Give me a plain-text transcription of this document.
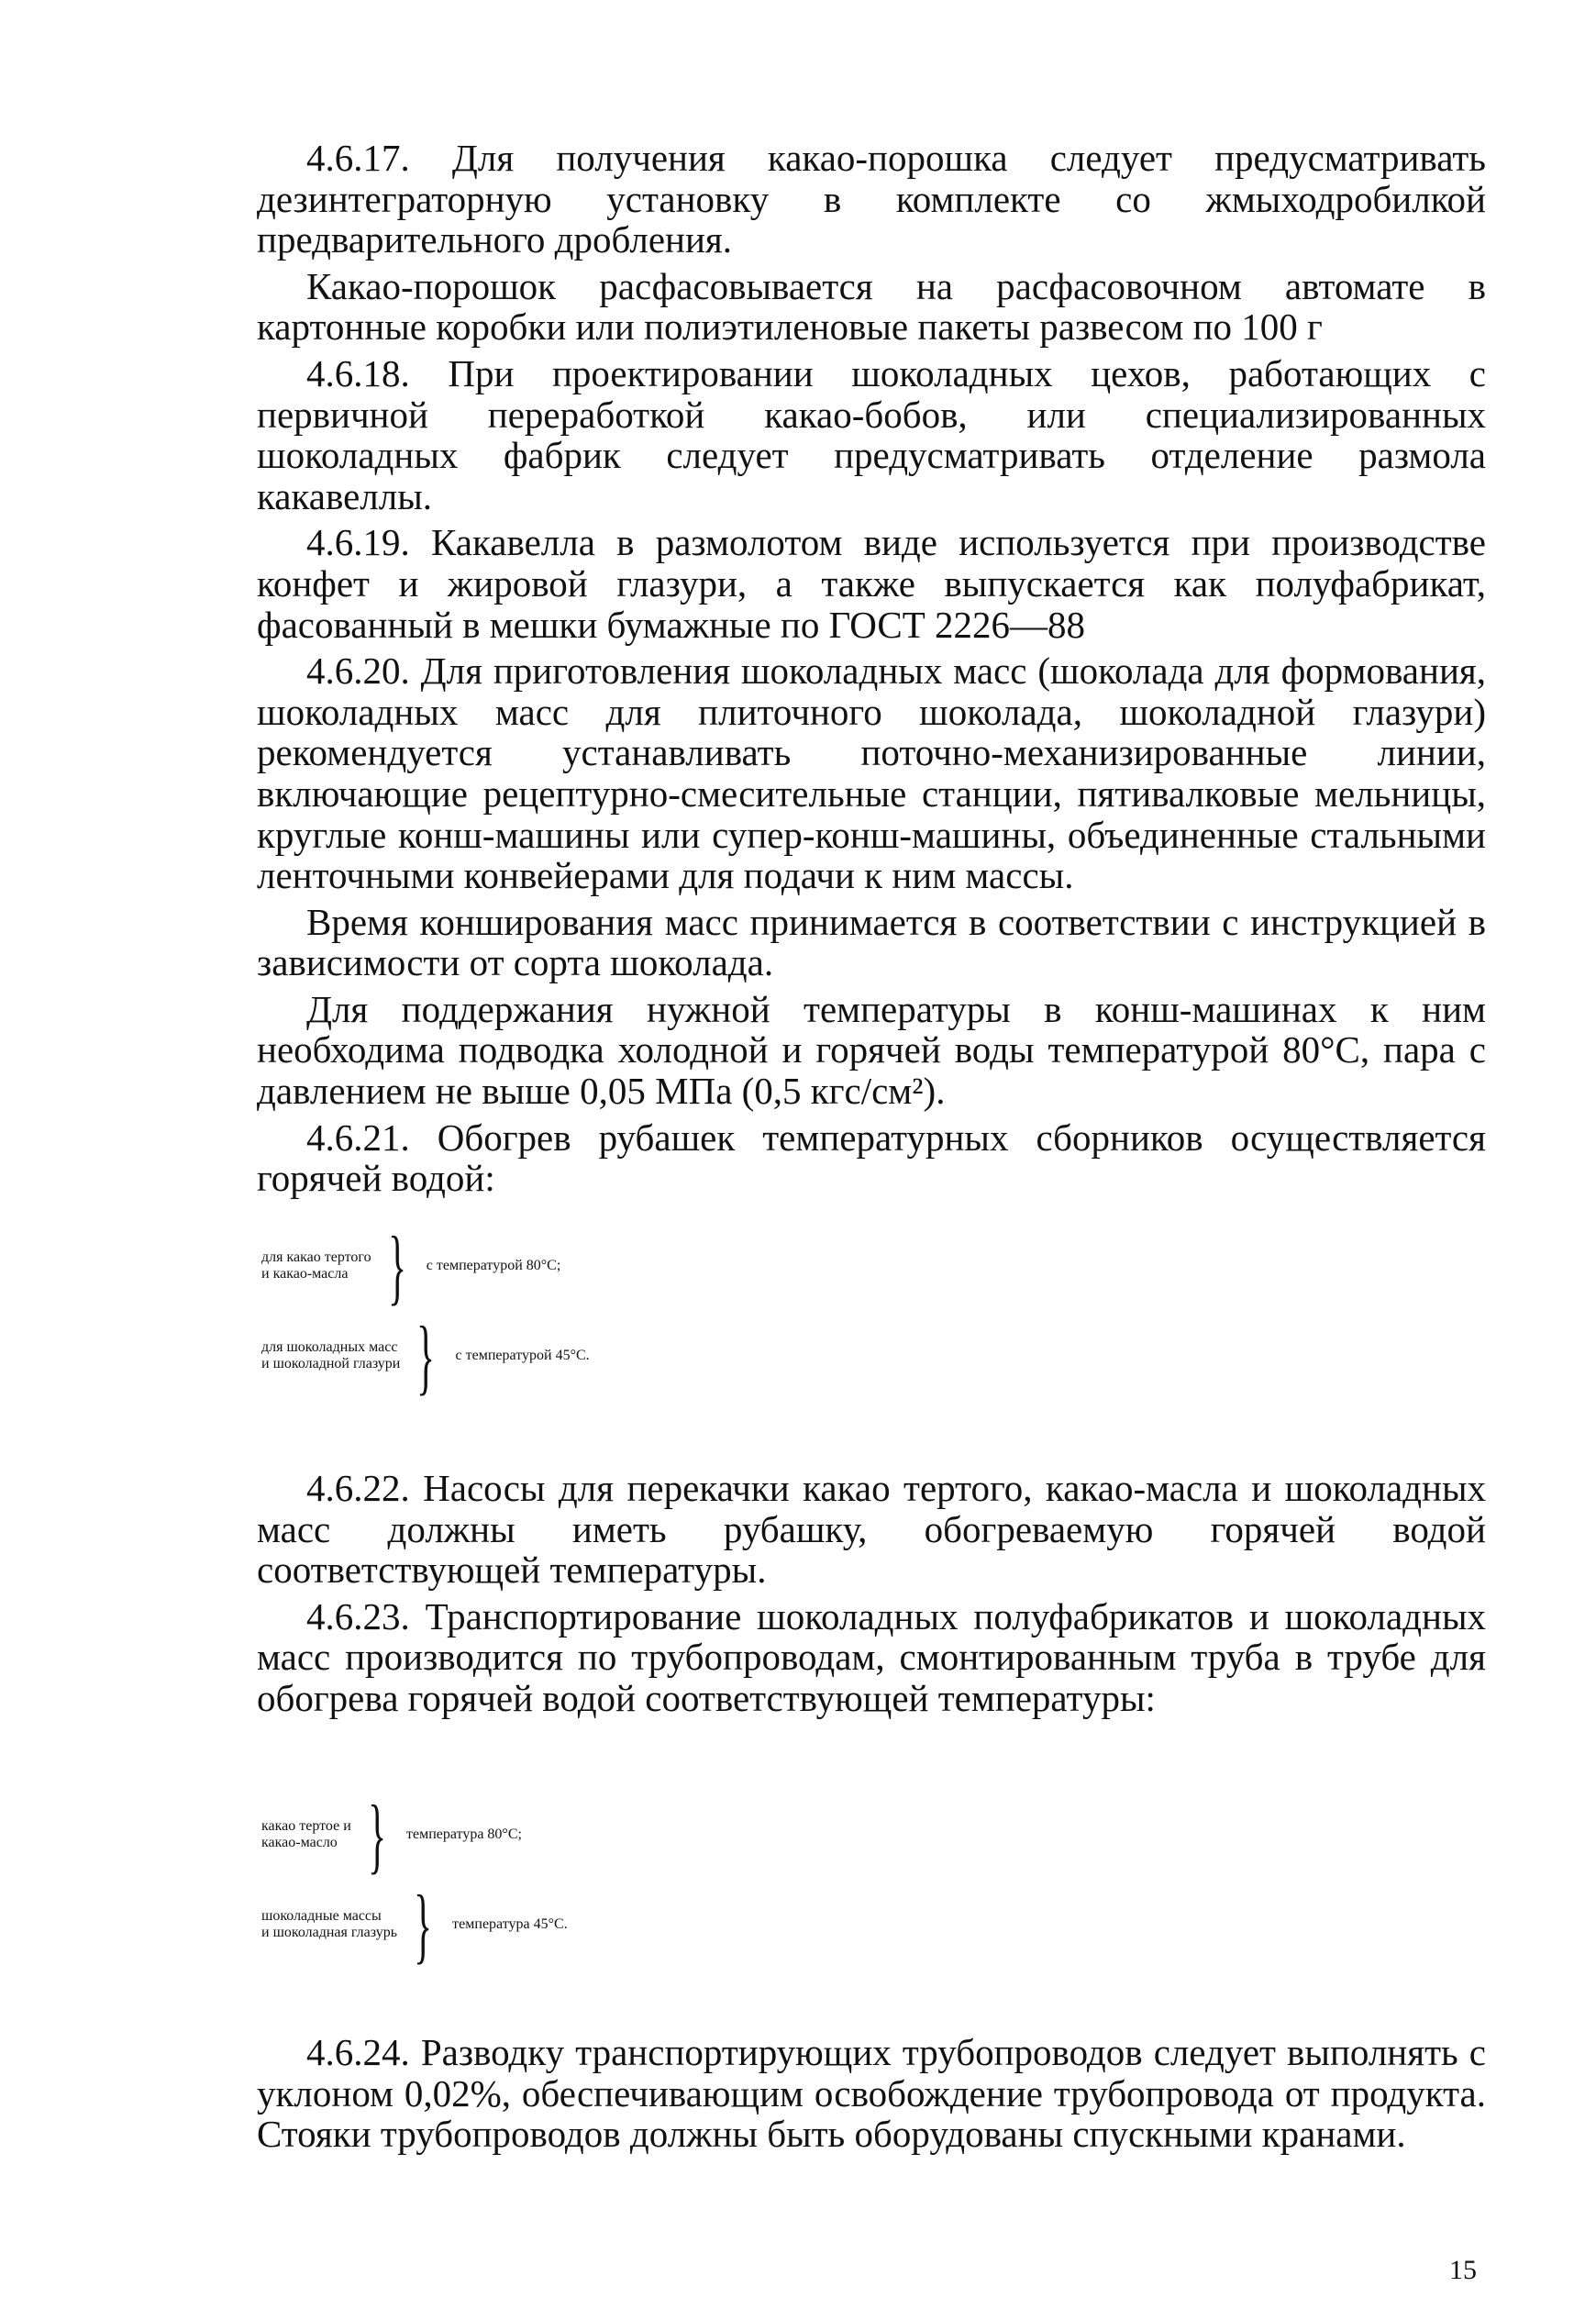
4.6.17. Для получения какао-порошка следует предусматривать дезинтеграторную установку в комплекте со жмыходробилкой предварительного дробления.

Какао-порошок расфасовывается на расфасовочном автомате в картонные коробки или полиэтиленовые пакеты развесом по 100 г

4.6.18. При проектировании шоколадных цехов, работающих с первичной переработкой какао-бобов, или специализированных шоколадных фабрик следует предусматривать отделение размола какавеллы.

4.6.19. Какавелла в размолотом виде используется при производстве конфет и жировой глазури, а также выпускается как полуфабрикат, фасованный в мешки бумажные по ГОСТ 2226—88

4.6.20. Для приготовления шоколадных масс (шоколада для формования, шоколадных масс для плиточного шоколада, шоколадной глазури) рекомендуется устанавливать поточно-механизированные линии, включающие рецептурно-смесительные станции, пятивалковые мельницы, круглые конш-машины или супер-конш-машины, объединенные стальными ленточными конвейерами для подачи к ним массы.

Время конширования масс принимается в соответствии с инструкцией в зависимости от сорта шоколада.

Для поддержания нужной температуры в конш-машинах к ним необходима подводка холодной и горячей воды температурой 80°С, пара с давлением не выше 0,05 МПа (0,5 кгс/см²).

4.6.21. Обогрев рубашек температурных сборников осуществляется горячей водой:

для какао тертого
и какао-масла } с температурой 80°С;
для шоколадных масс
и шоколадной глазури } с температурой 45°С.

4.6.22. Насосы для перекачки какао тертого, какао-масла и шоколадных масс должны иметь рубашку, обогреваемую горячей водой соответствующей температуры.

4.6.23. Транспортирование шоколадных полуфабрикатов и шоколадных масс производится по трубопроводам, смонтированным труба в трубе для обогрева горячей водой соответствующей температуры:

какао тертое и
какао-масло } температура 80°С;
шоколадные массы
и шоколадная глазурь } температура 45°С.

4.6.24. Разводку транспортирующих трубопроводов следует выполнять с уклоном 0,02%, обеспечивающим освобождение трубопровода от продукта. Стояки трубопроводов должны быть оборудованы спускными кранами.

15
